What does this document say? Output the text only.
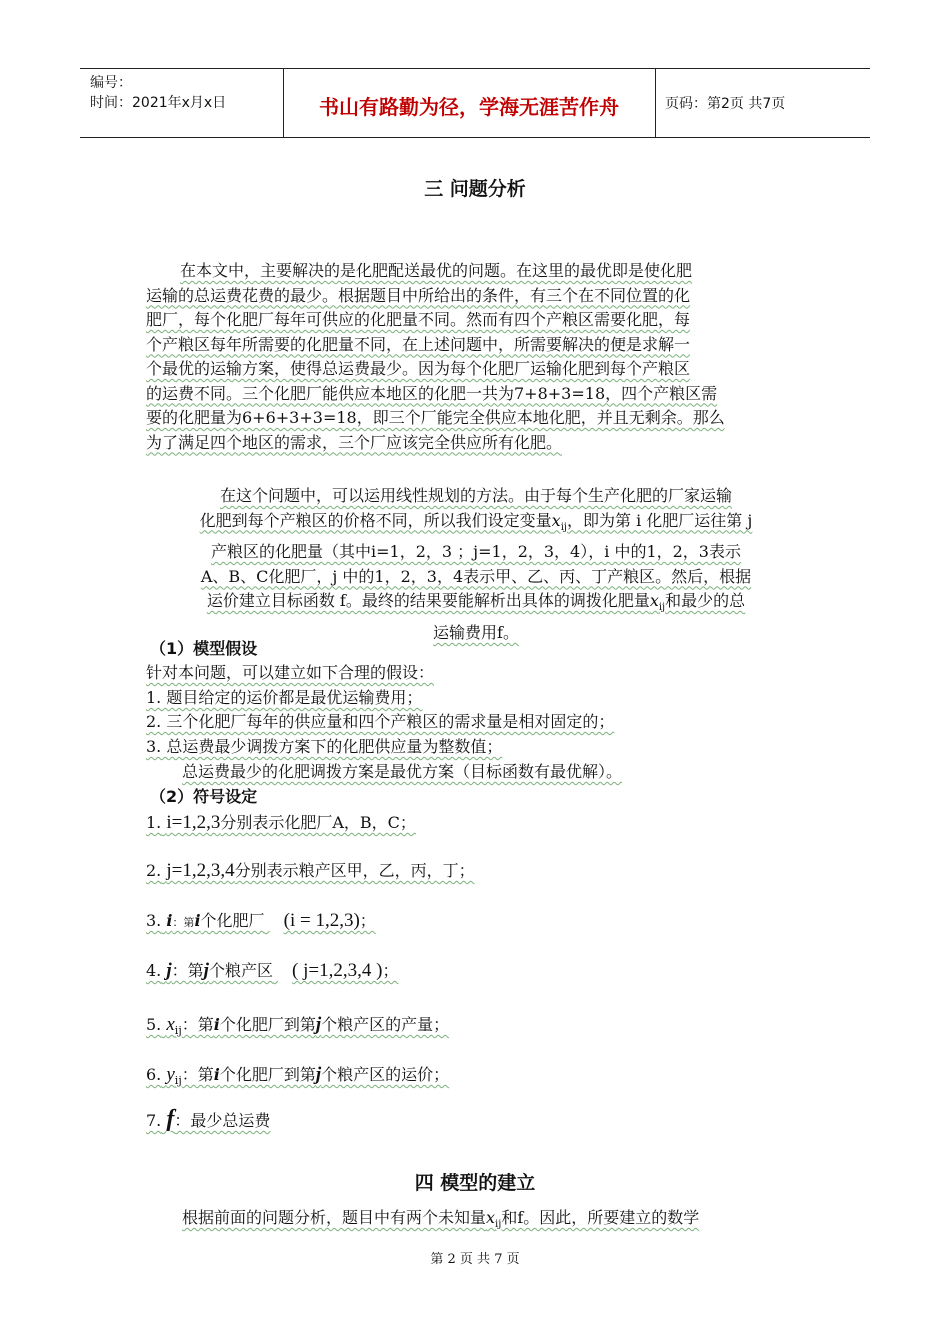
编号：
时间：2021年x月x日	书山有路勤为径，学海无涯苦作舟	页码：第2页 共7页
三 问题分析
在本文中，主要解决的是化肥配送最优的问题。在这里的最优即是使化肥
运输的总运费花费的最少。根据题目中所给出的条件，有三个在不同位置的化
肥厂，每个化肥厂每年可供应的化肥量不同。然而有四个产粮区需要化肥，每
个产粮区每年所需要的化肥量不同，在上述问题中，所需要解决的便是求解一
个最优的运输方案，使得总运费最少。因为每个化肥厂运输化肥到每个产粮区
的运费不同。三个化肥厂能供应本地区的化肥一共为7+8+3=18，四个产粮区需
要的化肥量为6+6+3+3=18，即三个厂能完全供应本地化肥，并且无剩余。那么
为了满足四个地区的需求，三个厂应该完全供应所有化肥。
在这个问题中，可以运用线性规划的方法。由于每个生产化肥的厂家运输
化肥到每个产粮区的价格不同，所以我们设定变量$x_{ij}$，即为第 i 化肥厂运往第 j
产粮区的化肥量（其中i=1，2，3 ；j=1，2，3，4），i 中的1，2，3表示
A、B、C化肥厂，j 中的1，2，3，4表示甲、乙、丙、丁产粮区。然后，根据
运价建立目标函数 f。最终的结果要能解析出具体的调拨化肥量$x_{ij}$和最少的总
运输费用f。
（1）模型假设
针对本问题，可以建立如下合理的假设：
1. 题目给定的运价都是最优运输费用；
2. 三个化肥厂每年的供应量和四个产粮区的需求量是相对固定的；
3. 总运费最少调拨方案下的化肥供应量为整数值；
总运费最少的化肥调拨方案是最优方案（目标函数有最优解）。
（2）符号设定
1. i=1,2,3分别表示化肥厂A，B，C；
2. j=1,2,3,4分别表示粮产区甲，乙，丙，丁；
3. i：第i个化肥厂 (i = 1,2,3)；
4. j：第j个粮产区 ( j=1,2,3,4 )；
5. $x_{ij}$：第i个化肥厂到第j个粮产区的产量；
6. $y_{ij}$：第i个化肥厂到第j个粮产区的运价；
7. f：最少总运费
四 模型的建立
根据前面的问题分析，题目中有两个未知量$x_{ij}$和f。因此，所要建立的数学
第 2 页 共 7 页
